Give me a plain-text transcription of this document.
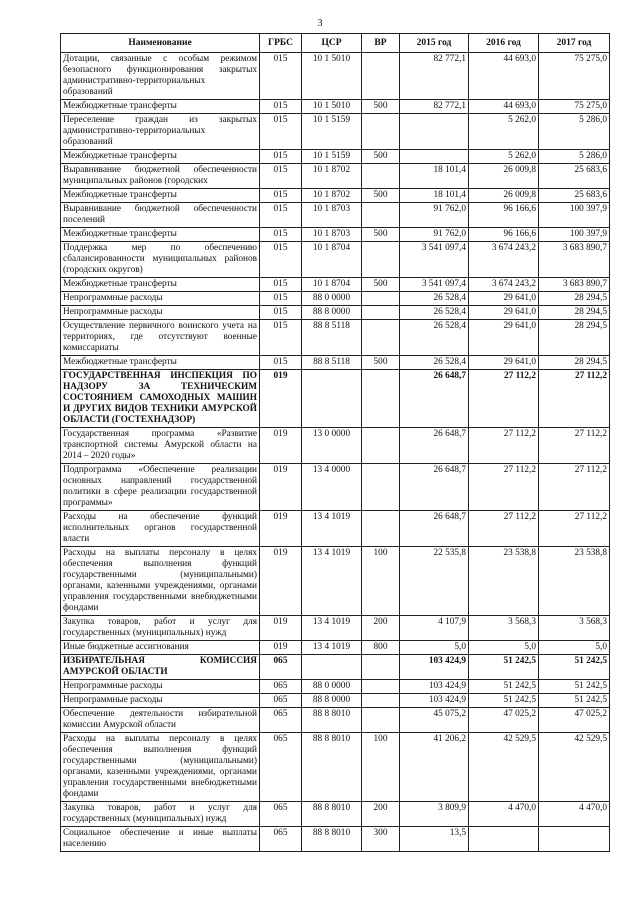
3
Наименование	ГРБС	ЦСР	ВР	2015 год	2016 год	2017 год
Дотации, связанные с особым режимом безопасного функционирования закрытых административно-территориальных образований	015	10 1 5010		82 772,1	44 693,0	75 275,0
Межбюджетные трансферты	015	10 1 5010	500	82 772,1	44 693,0	75 275,0
Переселение граждан из закрытых административно-территориальных образований	015	10 1 5159			5 262,0	5 286,0
Межбюджетные трансферты	015	10 1 5159	500		5 262,0	5 286,0
Выравнивание бюджетной обеспеченности муниципальных районов (городских	015	10 1 8702		18 101,4	26 009,8	25 683,6
Межбюджетные трансферты	015	10 1 8702	500	18 101,4	26 009,8	25 683,6
Выравнивание бюджетной обеспеченности поселений	015	10 1 8703		91 762,0	96 166,6	100 397,9
Межбюджетные трансферты	015	10 1 8703	500	91 762,0	96 166,6	100 397,9
Поддержка мер по обеспечению сбалансированности муниципальных районов (городских округов)	015	10 1 8704		3 541 097,4	3 674 243,2	3 683 890,7
Межбюджетные трансферты	015	10 1 8704	500	3 541 097,4	3 674 243,2	3 683 890,7
Непрограммные расходы	015	88 0 0000		26 528,4	29 641,0	28 294,5
Непрограммные расходы	015	88 8 0000		26 528,4	29 641,0	28 294,5
Осуществление первичного воинского учета на территориях, где отсутствуют военные комиссариаты	015	88 8 5118		26 528,4	29 641,0	28 294,5
Межбюджетные трансферты	015	88 8 5118	500	26 528,4	29 641,0	28 294,5
ГОСУДАРСТВЕННАЯ ИНСПЕКЦИЯ ПО НАДЗОРУ ЗА ТЕХНИЧЕСКИМ СОСТОЯНИЕМ САМОХОДНЫХ МАШИН И ДРУГИХ ВИДОВ ТЕХНИКИ АМУРСКОЙ ОБЛАСТИ (ГОСТЕХНАДЗОР)	019			26 648,7	27 112,2	27 112,2
Государственная программа «Развитие транспортной системы Амурской области на 2014 – 2020 годы»	019	13 0 0000		26 648,7	27 112,2	27 112,2
Подпрограмма «Обеспечение реализации основных направлений государственной политики в сфере реализации государственной программы»	019	13 4 0000		26 648,7	27 112,2	27 112,2
Расходы на обеспечение функций исполнительных органов государственной власти	019	13 4 1019		26 648,7	27 112,2	27 112,2
Расходы на выплаты персоналу в целях обеспечения выполнения функций государственными (муниципальными) органами, казенными учреждениями, органами управления государственными внебюджетными фондами	019	13 4 1019	100	22 535,8	23 538,8	23 538,8
Закупка товаров, работ и услуг для государственных (муниципальных) нужд	019	13 4 1019	200	4 107,9	3 568,3	3 568,3
Иные бюджетные ассигнования	019	13 4 1019	800	5,0	5,0	5,0
ИЗБИРАТЕЛЬНАЯ КОМИССИЯ АМУРСКОЙ ОБЛАСТИ	065			103 424,9	51 242,5	51 242,5
Непрограммные расходы	065	88 0 0000		103 424,9	51 242,5	51 242,5
Непрограммные расходы	065	88 8 0000		103 424,9	51 242,5	51 242,5
Обеспечение деятельности избирательной комиссии Амурской области	065	88 8 8010		45 075,2	47 025,2	47 025,2
Расходы на выплаты персоналу в целях обеспечения выполнения функций государственными (муниципальными) органами, казенными учреждениями, органами управления государственными внебюджетными фондами	065	88 8 8010	100	41 206,2	42 529,5	42 529,5
Закупка товаров, работ и услуг для государственных (муниципальных) нужд	065	88 8 8010	200	3 809,9	4 470,0	4 470,0
Социальное обеспечение и иные выплаты населению	065	88 8 8010	300	13,5		
